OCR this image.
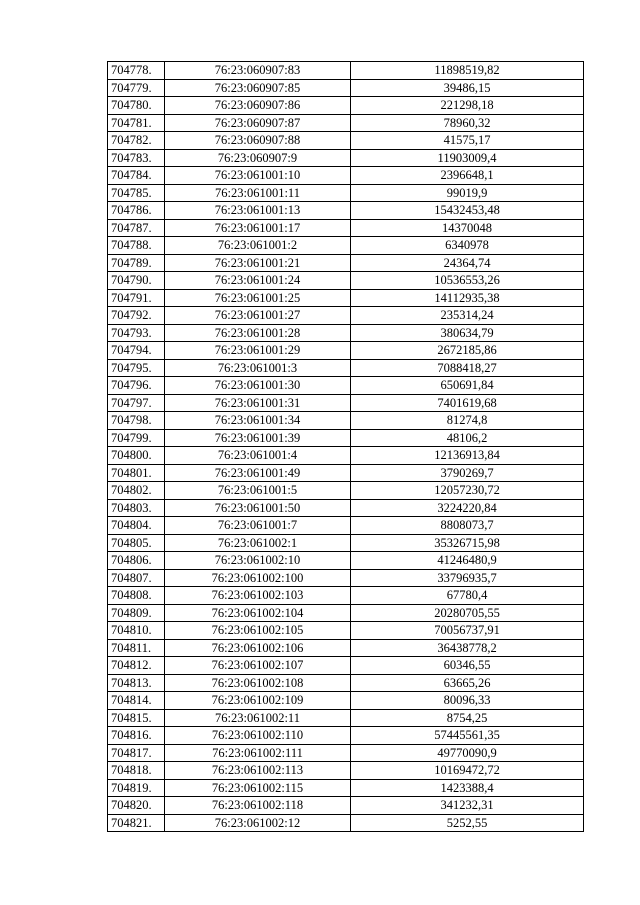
704778.	76:23:060907:83	11898519,82
704779.	76:23:060907:85	39486,15
704780.	76:23:060907:86	221298,18
704781.	76:23:060907:87	78960,32
704782.	76:23:060907:88	41575,17
704783.	76:23:060907:9	11903009,4
704784.	76:23:061001:10	2396648,1
704785.	76:23:061001:11	99019,9
704786.	76:23:061001:13	15432453,48
704787.	76:23:061001:17	14370048
704788.	76:23:061001:2	6340978
704789.	76:23:061001:21	24364,74
704790.	76:23:061001:24	10536553,26
704791.	76:23:061001:25	14112935,38
704792.	76:23:061001:27	235314,24
704793.	76:23:061001:28	380634,79
704794.	76:23:061001:29	2672185,86
704795.	76:23:061001:3	7088418,27
704796.	76:23:061001:30	650691,84
704797.	76:23:061001:31	7401619,68
704798.	76:23:061001:34	81274,8
704799.	76:23:061001:39	48106,2
704800.	76:23:061001:4	12136913,84
704801.	76:23:061001:49	3790269,7
704802.	76:23:061001:5	12057230,72
704803.	76:23:061001:50	3224220,84
704804.	76:23:061001:7	8808073,7
704805.	76:23:061002:1	35326715,98
704806.	76:23:061002:10	41246480,9
704807.	76:23:061002:100	33796935,7
704808.	76:23:061002:103	67780,4
704809.	76:23:061002:104	20280705,55
704810.	76:23:061002:105	70056737,91
704811.	76:23:061002:106	36438778,2
704812.	76:23:061002:107	60346,55
704813.	76:23:061002:108	63665,26
704814.	76:23:061002:109	80096,33
704815.	76:23:061002:11	8754,25
704816.	76:23:061002:110	57445561,35
704817.	76:23:061002:111	49770090,9
704818.	76:23:061002:113	10169472,72
704819.	76:23:061002:115	1423388,4
704820.	76:23:061002:118	341232,31
704821.	76:23:061002:12	5252,55
